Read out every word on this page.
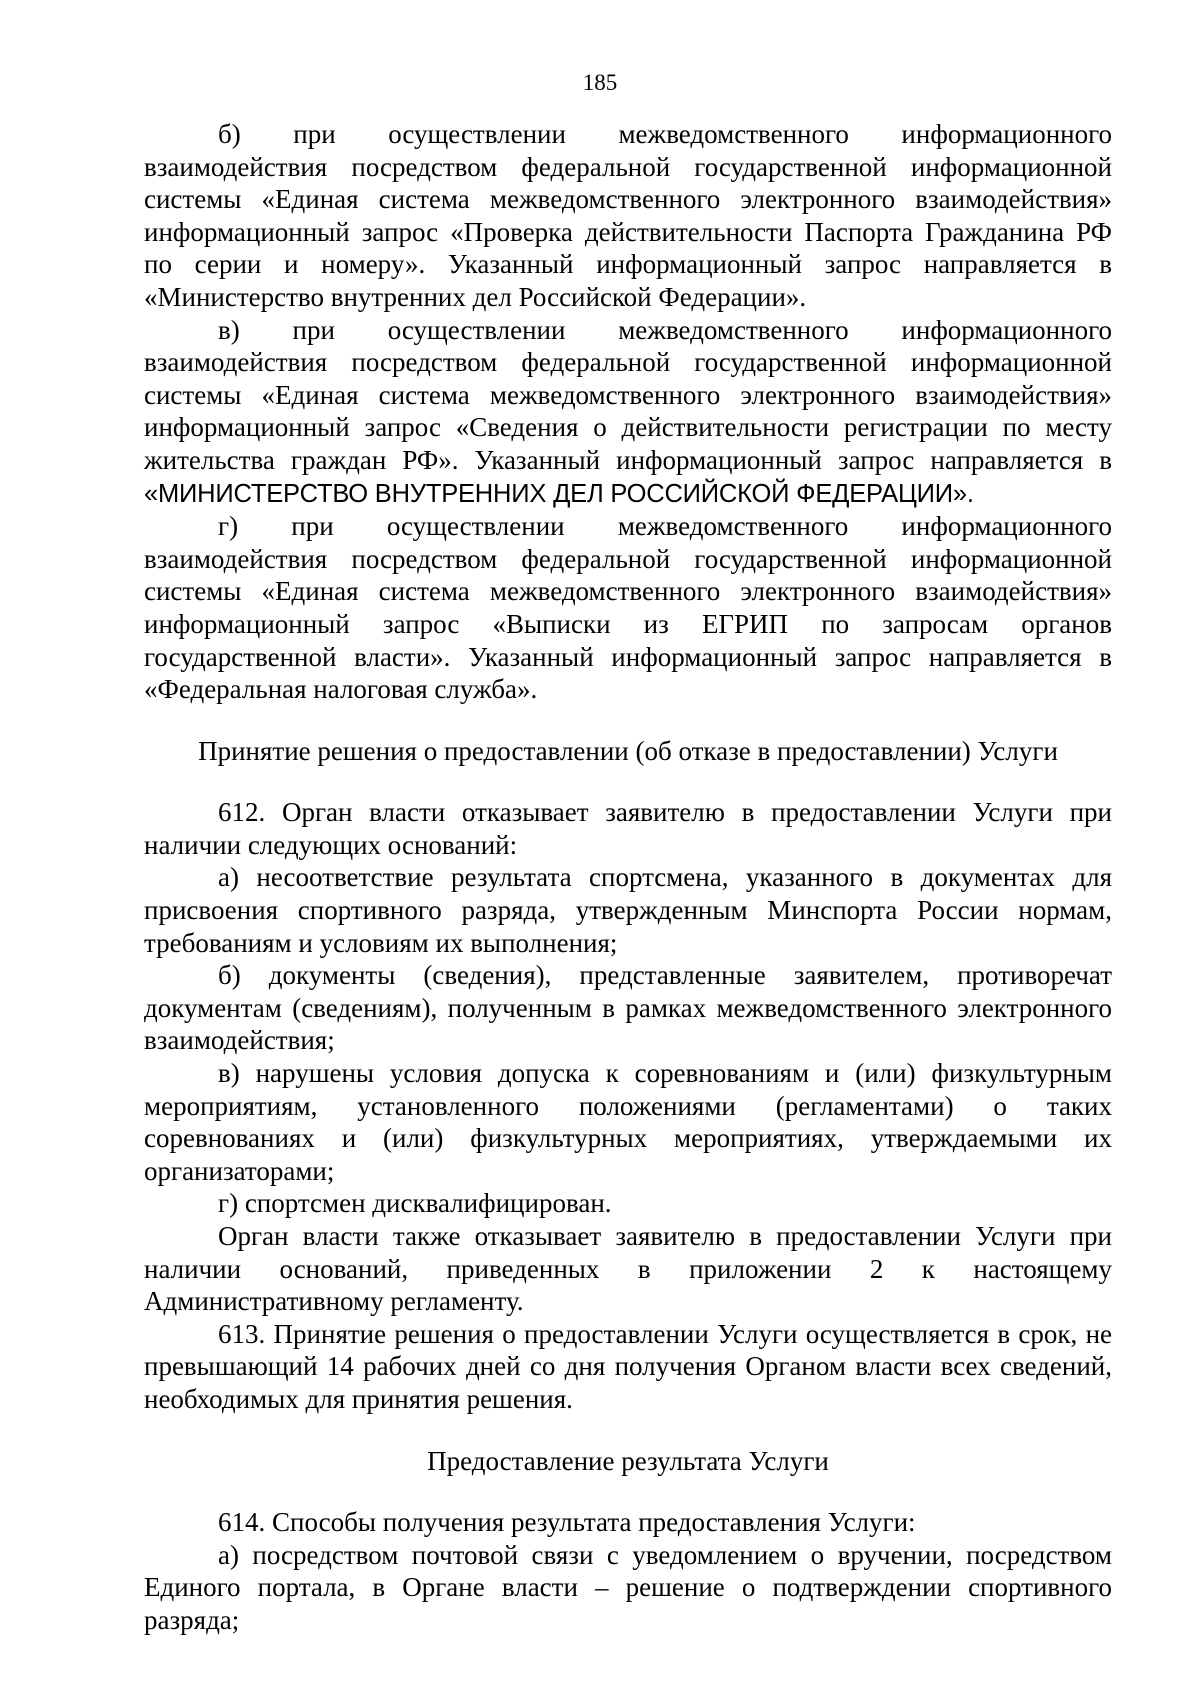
185

б) при осуществлении межведомственного информационного взаимодействия посредством федеральной государственной информационной системы «Единая система межведомственного электронного взаимодействия» информационный запрос «Проверка действительности Паспорта Гражданина РФ по серии и номеру». Указанный информационный запрос направляется в «Министерство внутренних дел Российской Федерации».

в) при осуществлении межведомственного информационного взаимодействия посредством федеральной государственной информационной системы «Единая система межведомственного электронного взаимодействия» информационный запрос «Сведения о действительности регистрации по месту жительства граждан РФ». Указанный информационный запрос направляется в «МИНИСТЕРСТВО ВНУТРЕННИХ ДЕЛ РОССИЙСКОЙ ФЕДЕРАЦИИ».

г) при осуществлении межведомственного информационного взаимодействия посредством федеральной государственной информационной системы «Единая система межведомственного электронного взаимодействия» информационный запрос «Выписки из ЕГРИП по запросам органов государственной власти». Указанный информационный запрос направляется в «Федеральная налоговая служба».

Принятие решения о предоставлении (об отказе в предоставлении) Услуги

612. Орган власти отказывает заявителю в предоставлении Услуги при наличии следующих оснований:

а) несоответствие результата спортсмена, указанного в документах для присвоения спортивного разряда, утвержденным Минспорта России нормам, требованиям и условиям их выполнения;

б) документы (сведения), представленные заявителем, противоречат документам (сведениям), полученным в рамках межведомственного электронного взаимодействия;

в) нарушены условия допуска к соревнованиям и (или) физкультурным мероприятиям, установленного положениями (регламентами) о таких соревнованиях и (или) физкультурных мероприятиях, утверждаемыми их организаторами;

г) спортсмен дисквалифицирован.

Орган власти также отказывает заявителю в предоставлении Услуги при наличии оснований, приведенных в приложении 2 к настоящему Административному регламенту.

613. Принятие решения о предоставлении Услуги осуществляется в срок, не превышающий 14 рабочих дней со дня получения Органом власти всех сведений, необходимых для принятия решения.

Предоставление результата Услуги

614. Способы получения результата предоставления Услуги:

а) посредством почтовой связи с уведомлением о вручении, посредством Единого портала, в Органе власти – решение о подтверждении спортивного разряда;
